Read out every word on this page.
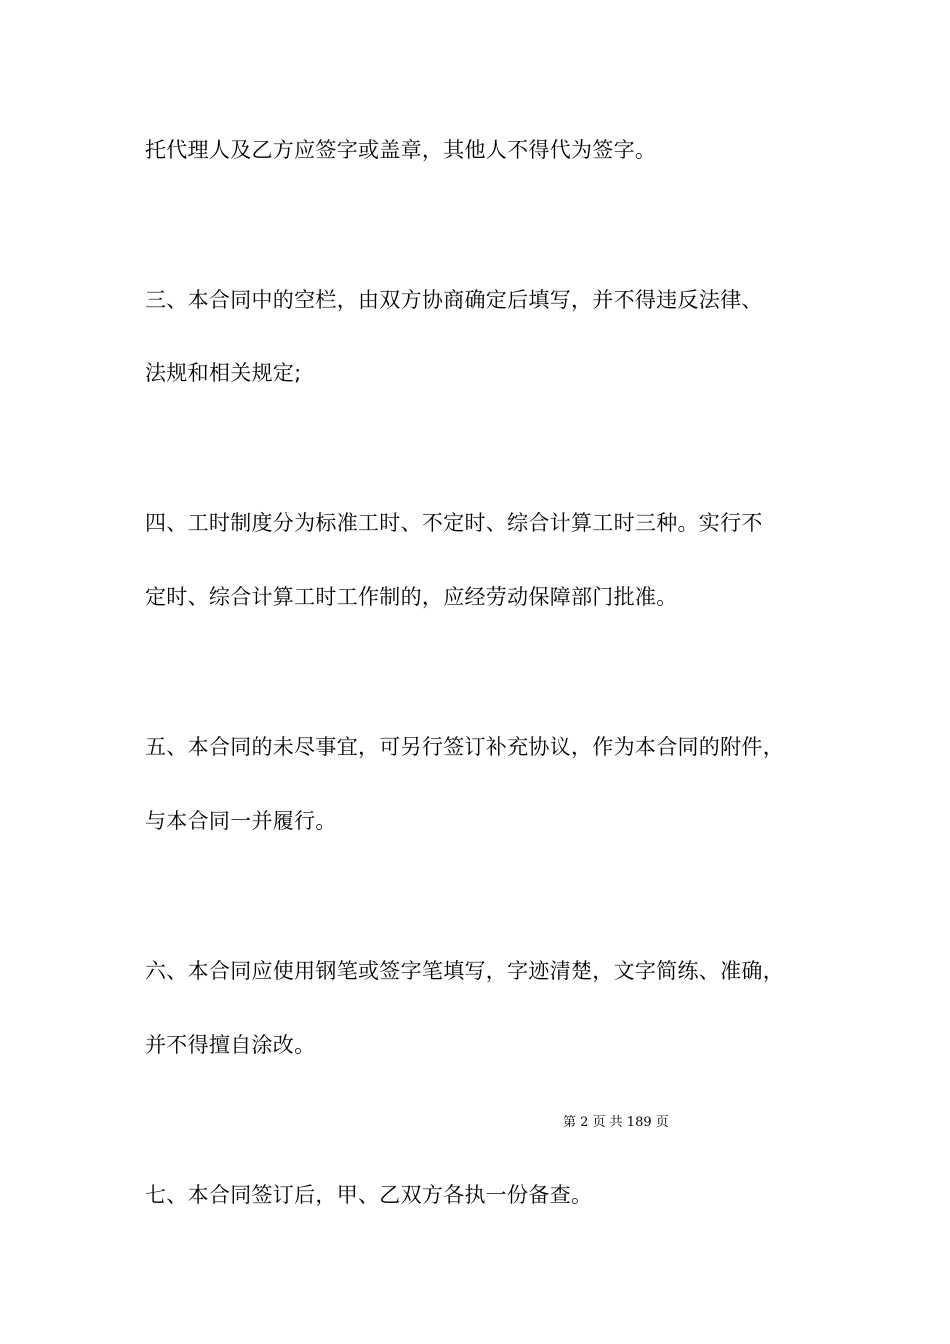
托代理人及乙方应签字或盖章，其他人不得代为签字。
三、本合同中的空栏，由双方协商确定后填写，并不得违反法律、
法规和相关规定;
四、工时制度分为标准工时、不定时、综合计算工时三种。实行不
定时、综合计算工时工作制的，应经劳动保障部门批准。
五、本合同的未尽事宜，可另行签订补充协议，作为本合同的附件，
与本合同一并履行。
六、本合同应使用钢笔或签字笔填写，字迹清楚，文字简练、准确，
并不得擅自涂改。
第 2 页 共 189 页
七、本合同签订后，甲、乙双方各执一份备查。
